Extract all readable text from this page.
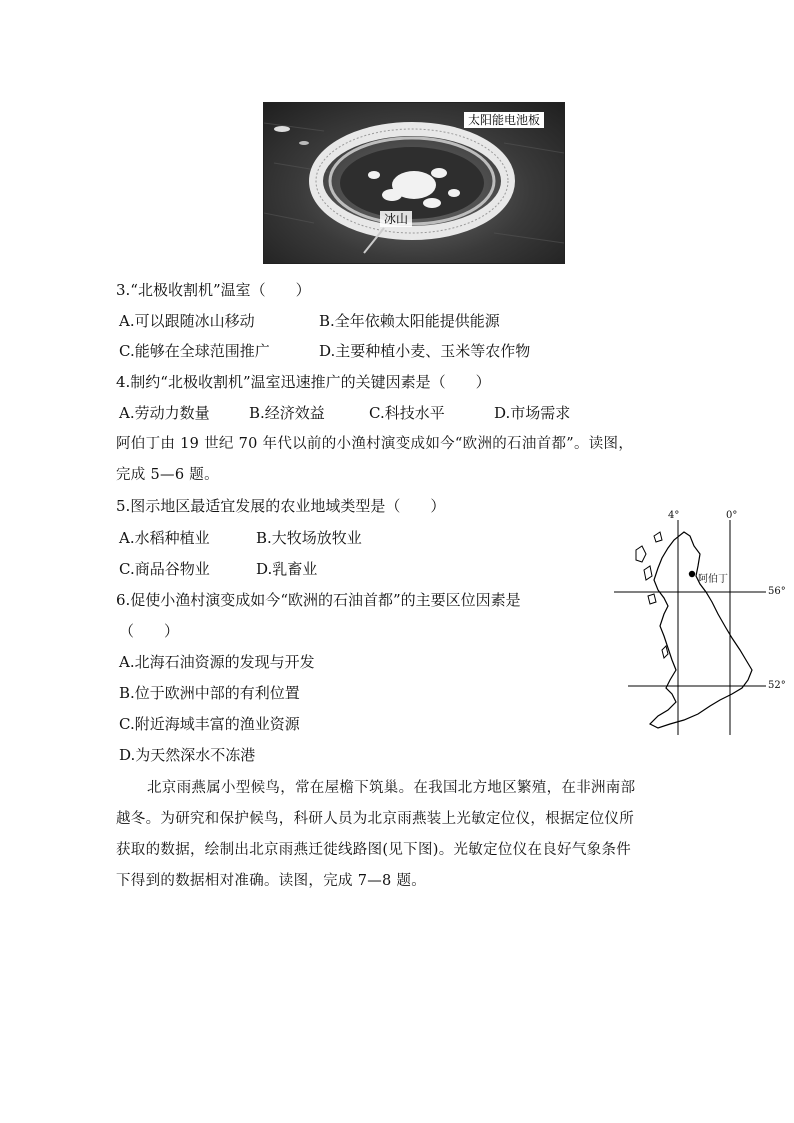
太阳能电池板
冰山
3.“北极收割机”温室（　　）
A.可以跟随冰山移动	B.全年依赖太阳能提供能源
C.能够在全球范围推广	D.主要种植小麦、玉米等农作物
4.制约“北极收割机”温室迅速推广的关键因素是（　　）
A.劳动力数量	B.经济效益	C.科技水平	D.市场需求
阿伯丁由 19 世纪 70 年代以前的小渔村演变成如今“欧洲的石油首都”。读图，
完成 5—6 题。
5.图示地区最适宜发展的农业地域类型是（　　）
A.水稻种植业	B.大牧场放牧业
C.商品谷物业	D.乳畜业
6.促使小渔村演变成如今“欧洲的石油首都”的主要区位因素是
（　　）
A.北海石油资源的发现与开发
B.位于欧洲中部的有利位置
C.附近海域丰富的渔业资源
D.为天然深水不冻港
4°	0°
56°
52°
阿伯丁
北京雨燕属小型候鸟，常在屋檐下筑巢。在我国北方地区繁殖，在非洲南部
越冬。为研究和保护候鸟，科研人员为北京雨燕装上光敏定位仪，根据定位仪所
获取的数据，绘制出北京雨燕迁徙线路图(见下图)。光敏定位仪在良好气象条件
下得到的数据相对准确。读图，完成 7—8 题。
